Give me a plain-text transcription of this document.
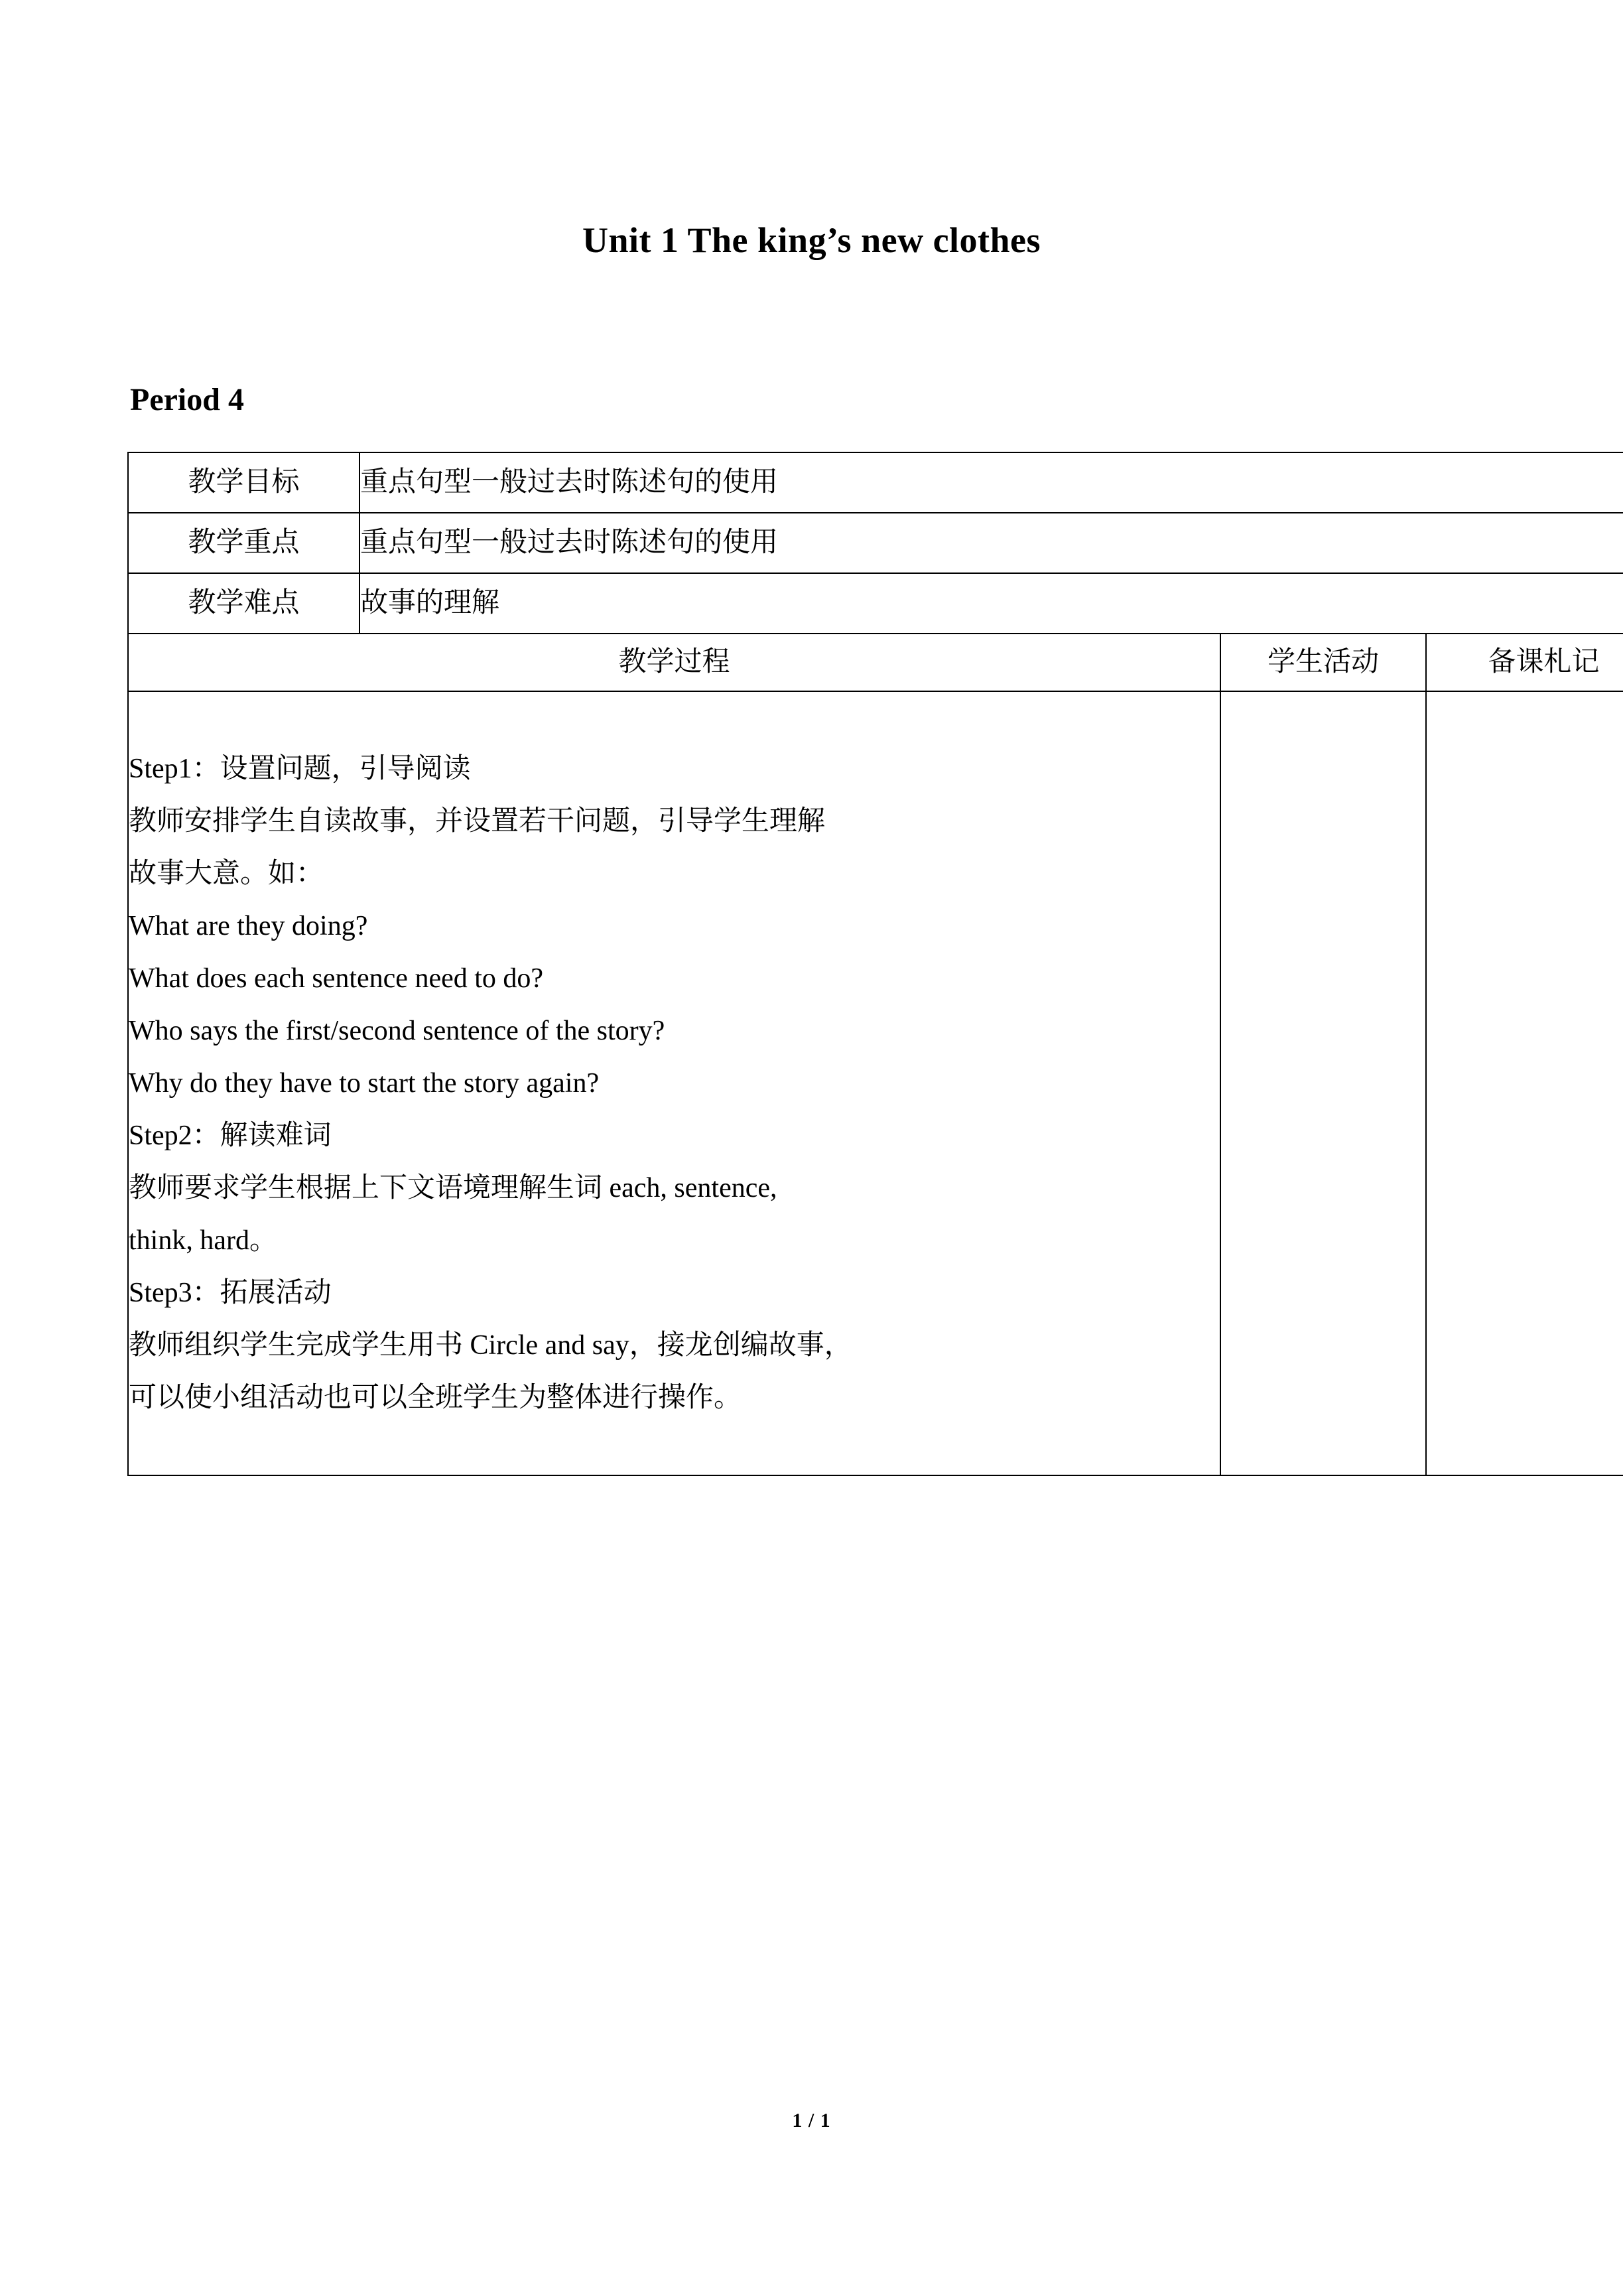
Unit 1 The king’s new clothes
Period 4
教学目标	重点句型一般过去时陈述句的使用		
教学重点	重点句型一般过去时陈述句的使用		
教学难点	故事的理解		
教学过程		学生活动	备课札记

Step1：设置问题，引导阅读
教师安排学生自读故事，并设置若干问题，引导学生理解
故事大意。如：
What are they doing?
What does each sentence need to do?
Who says the first/second sentence of the story?
Why do they have to start the story again?
Step2：解读难词
教师要求学生根据上下文语境理解生词 each, sentence,
think, hard。
Step3：拓展活动
教师组织学生完成学生用书 Circle and say，接龙创编故事，
可以使小组活动也可以全班学生为整体进行操作。

1 / 1
